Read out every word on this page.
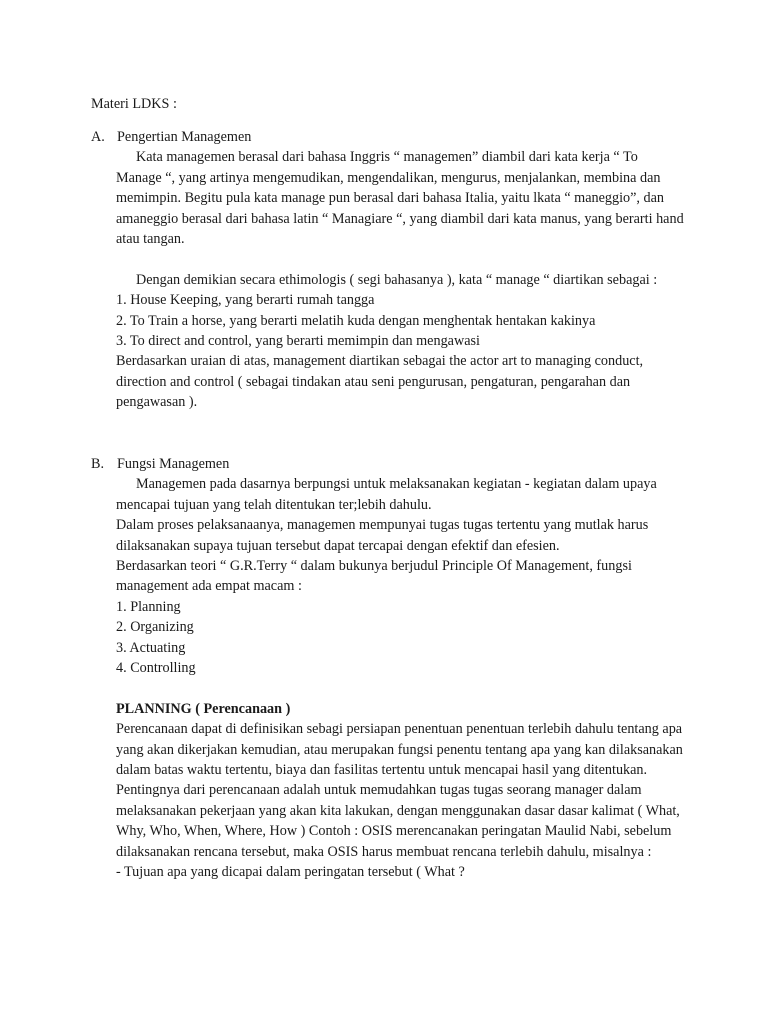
Materi LDKS :
A. Pengertian Managemen

Kata managemen berasal dari bahasa Inggris “ managemen” diambil dari kata kerja “ To Manage “, yang artinya mengemudikan, mengendalikan, mengurus, menjalankan, membina dan memimpin. Begitu pula kata manage pun berasal dari bahasa Italia, yaitu lkata “ maneggio”, dan amaneggio berasal dari bahasa latin “ Managiare “, yang diambil dari kata manus, yang berarti hand atau tangan.

Dengan demikian secara ethimologis ( segi bahasanya ), kata “ manage “ diartikan sebagai :

1. House Keeping, yang berarti rumah tangga

2. To Train a horse, yang berarti melatih kuda dengan menghentak hentakan kakinya

3. To direct and control, yang berarti memimpin dan mengawasi

Berdasarkan uraian di atas, management diartikan sebagai the actor art to managing conduct, direction and control ( sebagai tindakan atau seni pengurusan, pengaturan, pengarahan dan pengawasan ).

B. Fungsi Managemen

Managemen pada dasarnya berpungsi untuk melaksanakan kegiatan - kegiatan dalam upaya mencapai tujuan yang telah ditentukan ter;lebih dahulu.

Dalam proses pelaksanaanya, managemen mempunyai tugas tugas tertentu yang mutlak harus dilaksanakan supaya tujuan tersebut dapat tercapai dengan efektif dan efesien.

Berdasarkan teori “ G.R.Terry “ dalam bukunya berjudul Principle Of Management, fungsi management ada empat macam :

1. Planning

2. Organizing

3. Actuating

4. Controlling

PLANNING ( Perencanaan )

Perencanaan dapat di definisikan sebagi persiapan penentuan penentuan terlebih dahulu tentang apa yang akan dikerjakan kemudian, atau merupakan fungsi penentu tentang apa yang kan dilaksanakan dalam batas waktu tertentu, biaya dan fasilitas tertentu untuk mencapai hasil yang ditentukan.

Pentingnya dari perencanaan adalah untuk memudahkan tugas tugas seorang manager dalam melaksanakan pekerjaan yang akan kita lakukan, dengan menggunakan dasar dasar kalimat ( What, Why, Who, When, Where, How ) Contoh : OSIS merencanakan peringatan Maulid Nabi, sebelum dilaksanakan rencana tersebut, maka OSIS harus membuat rencana terlebih dahulu, misalnya :

- Tujuan apa yang dicapai dalam peringatan tersebut ( What ?
